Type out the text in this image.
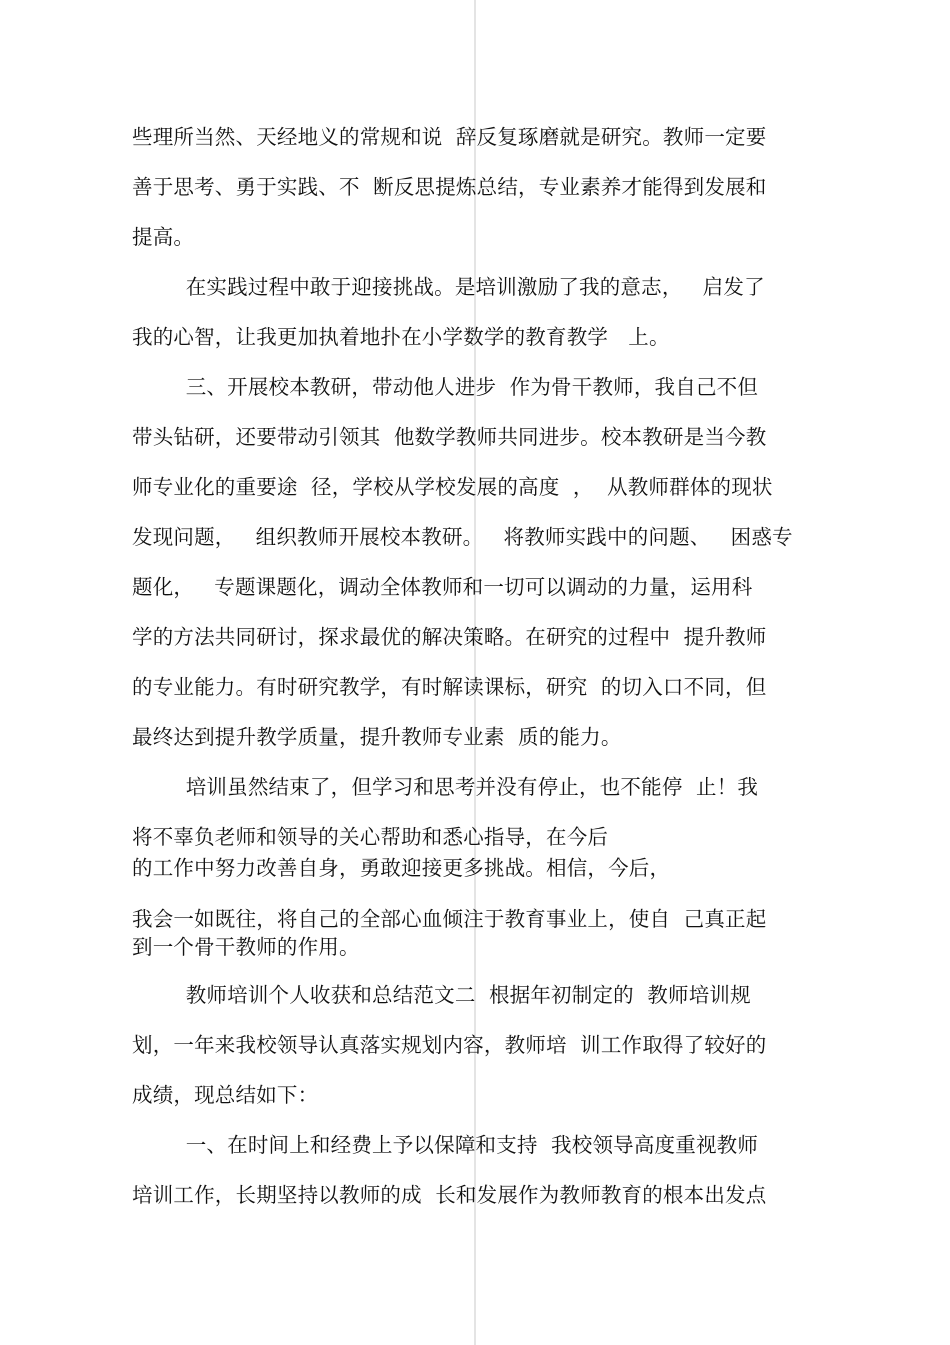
些理所当然、天经地义的常规和说  辞反复琢磨就是研究。教师一定要
善于思考、勇于实践、不  断反思提炼总结，专业素养才能得到发展和
提高。
在实践过程中敢于迎接挑战。是培训激励了我的意志，   启发了
我的心智，让我更加执着地扑在小学数学的教育教学   上。
三、开展校本教研，带动他人进步  作为骨干教师，我自己不但
带头钻研，还要带动引领其  他数学教师共同进步。校本教研是当今教
师专业化的重要途  径，学校从学校发展的高度  ，  从教师群体的现状
发现问题，   组织教师开展校本教研。   将教师实践中的问题、   困惑专
题化，   专题课题化，调动全体教师和一切可以调动的力量，运用科
学的方法共同研讨，探求最优的解决策略。在研究的过程中  提升教师
的专业能力。有时研究教学，有时解读课标，研究  的切入口不同，但
最终达到提升教学质量，提升教师专业素  质的能力。
培训虽然结束了，但学习和思考并没有停止，也不能停  止！我
将不辜负老师和领导的关心帮助和悉心指导，在今后
的工作中努力改善自身，勇敢迎接更多挑战。相信，今后，
我会一如既往，将自己的全部心血倾注于教育事业上，使自  己真正起
到一个骨干教师的作用。
教师培训个人收获和总结范文二  根据年初制定的  教师培训规
划，一年来我校领导认真落实规划内容，教师培  训工作取得了较好的
成绩，现总结如下：
一、在时间上和经费上予以保障和支持  我校领导高度重视教师
培训工作，长期坚持以教师的成  长和发展作为教师教育的根本出发点
